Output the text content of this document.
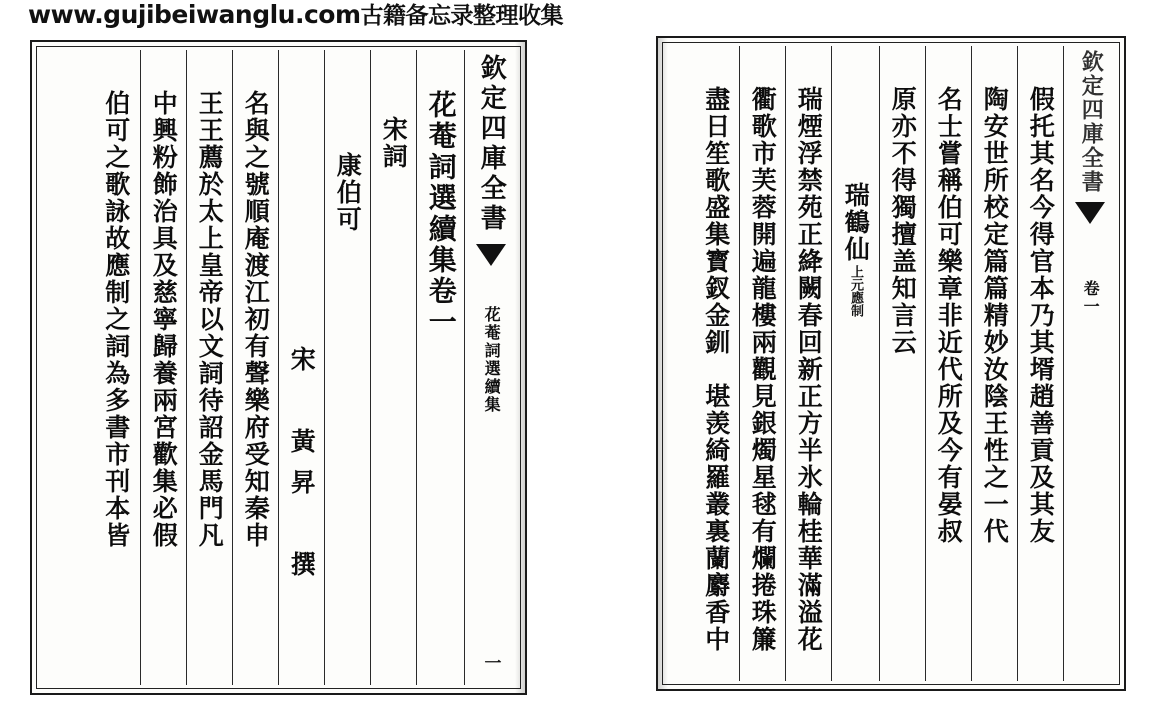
www.gujibeiwanglu.com古籍备忘录整理收集
欽定四庫全書
花菴詞選續集
一
花菴詞選續集卷一
宋詞
康伯可
宋　黃昇　撰
名與之號順庵渡江初有聲樂府受知秦申
王王薦於太上皇帝以文詞待詔金馬門凡
中興粉飾治具及慈寧歸養兩宮歡集必假
伯可之歌詠故應制之詞為多書市刊本皆	欽定四庫全書
卷一
假托其名今得官本乃其壻趙善貢及其友
陶安世所校定篇篇精妙汝陰王性之一代
名士嘗稱伯可樂章非近代所及今有晏叔
原亦不得獨擅盖知言云
瑞鶴仙
上元應制
瑞煙浮禁苑正絳闕春回新正方半氷輪桂華滿溢花
衢歌市芙蓉開遍龍樓兩觀見銀燭星毬有爛捲珠簾
盡日笙歌盛集寳釵金釧　堪羡綺羅叢裏蘭麝香中
